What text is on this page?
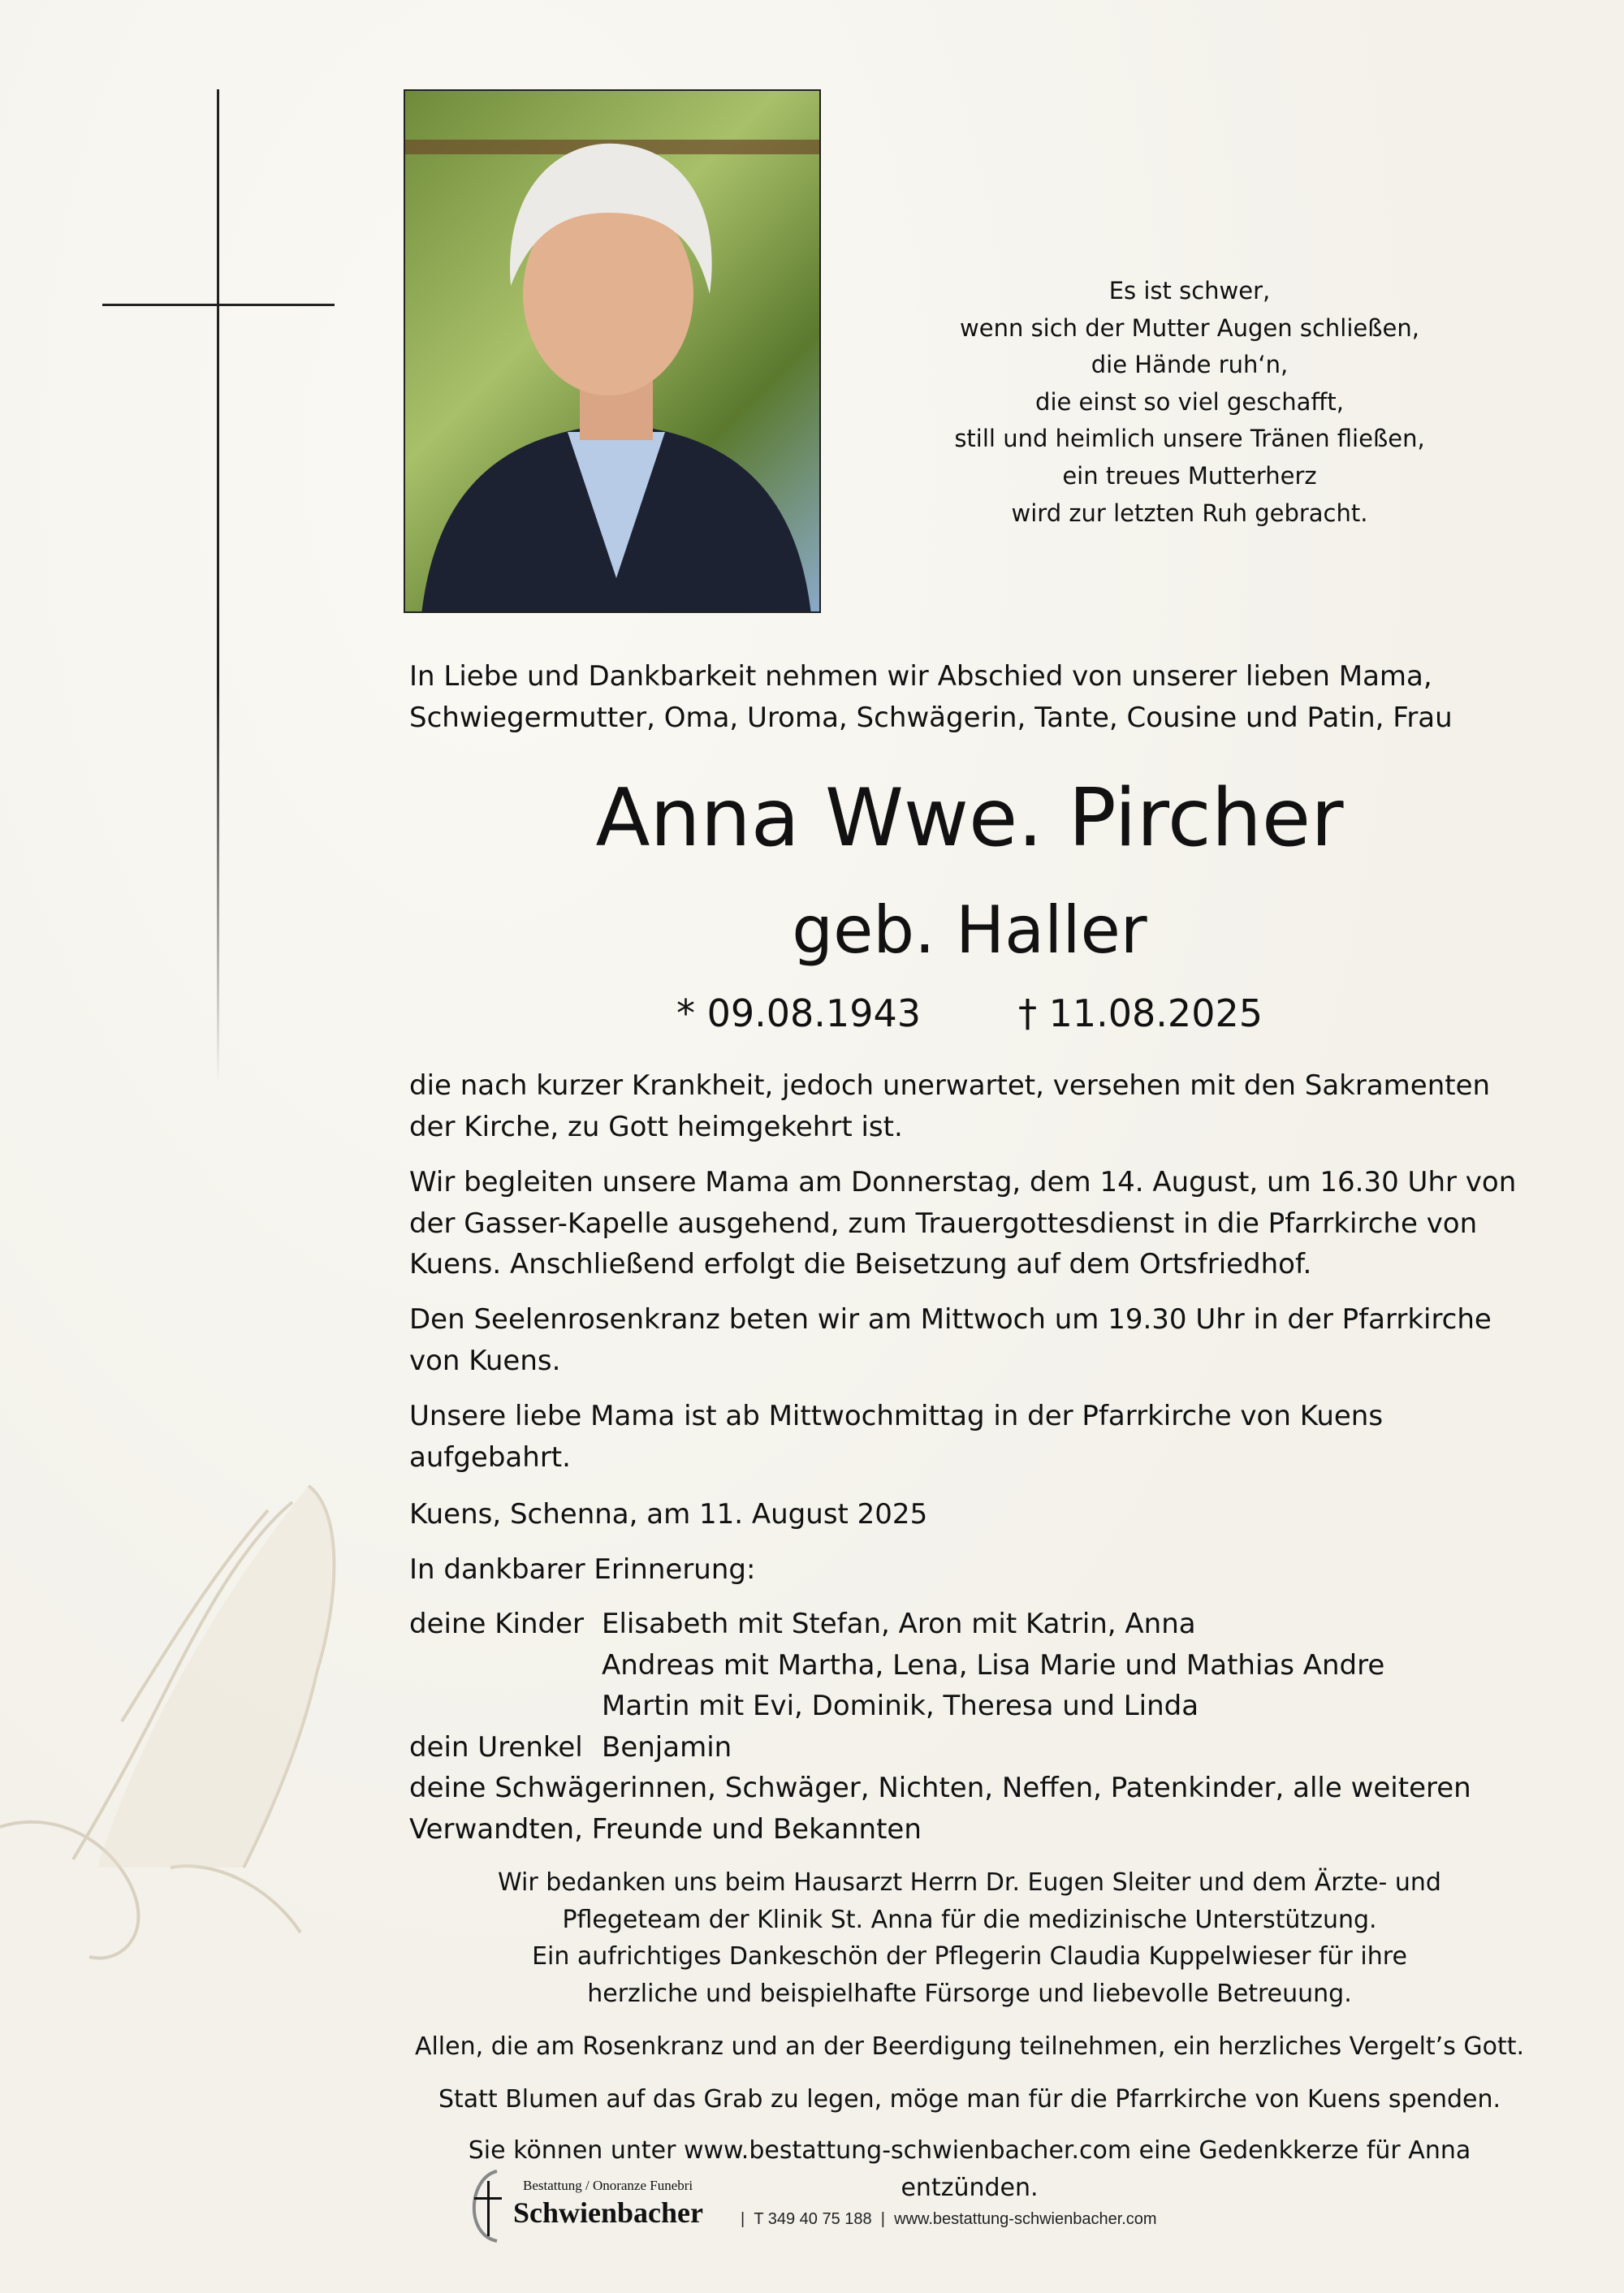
Es ist schwer,
wenn sich der Mutter Augen schließen,
die Hände ruh‘n,
die einst so viel geschafft,
still und heimlich unsere Tränen fließen,
ein treues Mutterherz
wird zur letzten Ruh gebracht.
In Liebe und Dankbarkeit nehmen wir Abschied von unserer lieben Mama,
Schwiegermutter, Oma, Uroma, Schwägerin, Tante, Cousine und Patin, Frau
Anna Wwe. Pircher
geb. Haller
* 09.08.1943	† 11.08.2025
die nach kurzer Krankheit, jedoch unerwartet, versehen mit den Sakramenten der Kirche, zu Gott heimgekehrt ist.
Wir begleiten unsere Mama am Donnerstag, dem 14. August, um 16.30 Uhr von der Gasser-Kapelle ausgehend, zum Trauergottesdienst in die Pfarrkirche von Kuens. Anschließend erfolgt die Beisetzung auf dem Ortsfriedhof.
Den Seelenrosenkranz beten wir am Mittwoch um 19.30 Uhr in der Pfarrkirche von Kuens.
Unsere liebe Mama ist ab Mittwochmittag in der Pfarrkirche von Kuens aufgebahrt.
Kuens, Schenna, am 11. August 2025
In dankbarer Erinnerung:
deine Kinder Elisabeth mit Stefan, Aron mit Katrin, Anna
Andreas mit Martha, Lena, Lisa Marie und Mathias Andre
Martin mit Evi, Dominik, Theresa und Linda
dein Urenkel Benjamin
deine Schwägerinnen, Schwäger, Nichten, Neffen, Patenkinder, alle weiteren Verwandten, Freunde und Bekannten
Wir bedanken uns beim Hausarzt Herrn Dr. Eugen Sleiter und dem Ärzte- und
Pflegeteam der Klinik St. Anna für die medizinische Unterstützung.
Ein aufrichtiges Dankeschön der Pflegerin Claudia Kuppelwieser für ihre
herzliche und beispielhafte Fürsorge und liebevolle Betreuung.
Allen, die am Rosenkranz und an der Beerdigung teilnehmen, ein herzliches Vergelt’s Gott.
Statt Blumen auf das Grab zu legen, möge man für die Pfarrkirche von Kuens spenden.
Sie können unter www.bestattung-schwienbacher.com eine Gedenkkerze für Anna entzünden.
Bestattung / Onoranze Funebri
Schwienbacher | T 349 40 75 188 | www.bestattung-schwienbacher.com
